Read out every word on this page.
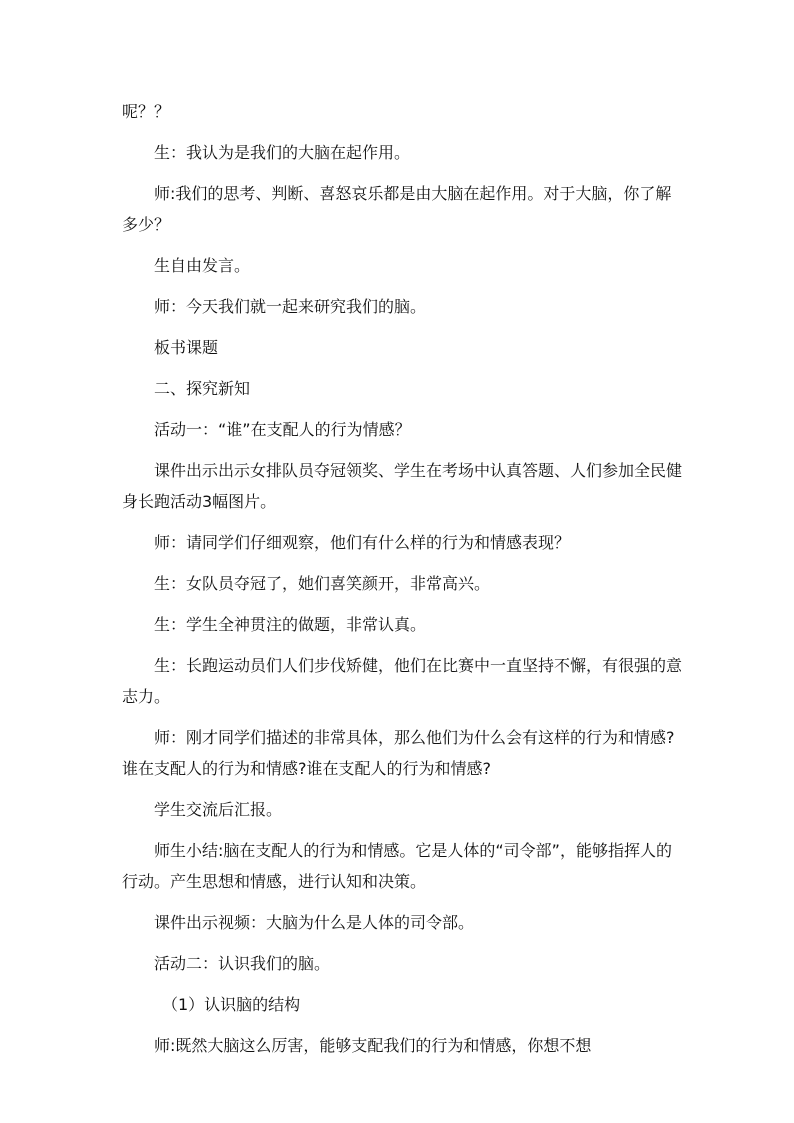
呢？？

生：我认为是我们的大脑在起作用。

师:我们的思考、判断、喜怒哀乐都是由大脑在起作用。对于大脑，你了解多少？

生自由发言。

师：今天我们就一起来研究我们的脑。

板书课题

二、探究新知

活动一：“谁”在支配人的行为情感？

课件出示出示女排队员夺冠领奖、学生在考场中认真答题、人们参加全民健身长跑活动3幅图片。

师：请同学们仔细观察，他们有什么样的行为和情感表现？

生：女队员夺冠了，她们喜笑颜开，非常高兴。

生：学生全神贯注的做题，非常认真。

生：长跑运动员们人们步伐矫健，他们在比赛中一直坚持不懈，有很强的意志力。

师：刚才同学们描述的非常具体，那么他们为什么会有这样的行为和情感?谁在支配人的行为和情感?谁在支配人的行为和情感?

学生交流后汇报。

师生小结:脑在支配人的行为和情感。它是人体的“司令部”，能够指挥人的行动。产生思想和情感，进行认知和决策。

课件出示视频：大脑为什么是人体的司令部。

活动二：认识我们的脑。

（1）认识脑的结构

师:既然大脑这么厉害，能够支配我们的行为和情感，你想不想
